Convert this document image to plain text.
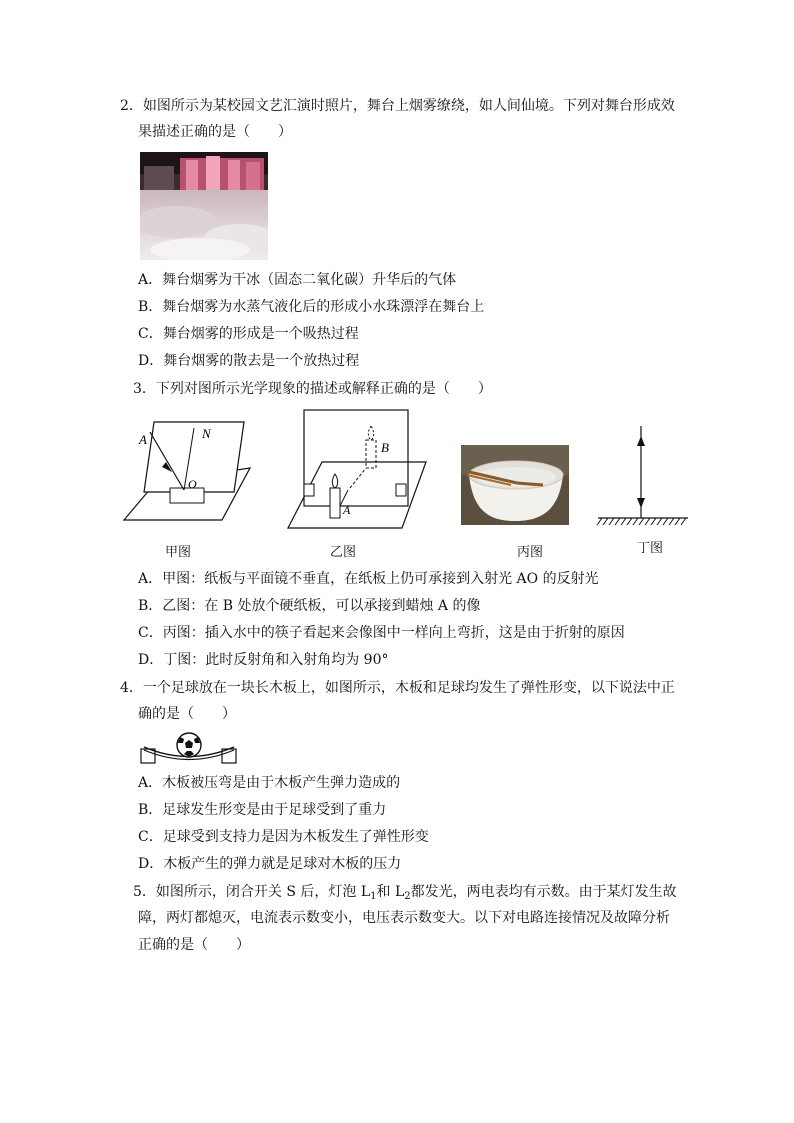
2．如图所示为某校园文艺汇演时照片，舞台上烟雾缭绕，如人间仙境。下列对舞台形成效
果描述正确的是（　　）
A．舞台烟雾为干冰（固态二氧化碳）升华后的气体
B．舞台烟雾为水蒸气液化后的形成小水珠漂浮在舞台上
C．舞台烟雾的形成是一个吸热过程
D．舞台烟雾的散去是一个放热过程
3．下列对图所示光学现象的描述或解释正确的是（　　）
A	N
O
B
A
甲图	乙图	丙图	丁图
A．甲图：纸板与平面镜不垂直，在纸板上仍可承接到入射光 AO 的反射光
B．乙图：在 B 处放个硬纸板，可以承接到蜡烛 A 的像
C．丙图：插入水中的筷子看起来会像图中一样向上弯折，这是由于折射的原因
D．丁图：此时反射角和入射角均为 90°
4．一个足球放在一块长木板上，如图所示，木板和足球均发生了弹性形变，以下说法中正
确的是（　　）
A．木板被压弯是由于木板产生弹力造成的
B．足球发生形变是由于足球受到了重力
C．足球受到支持力是因为木板发生了弹性形变
D．木板产生的弹力就是足球对木板的压力
5．如图所示，闭合开关 S 后，灯泡 $L_1$和 $L_2$都发光，两电表均有示数。由于某灯发生故
障，两灯都熄灭，电流表示数变小，电压表示数变大。以下对电路连接情况及故障分析
正确的是（　　）
